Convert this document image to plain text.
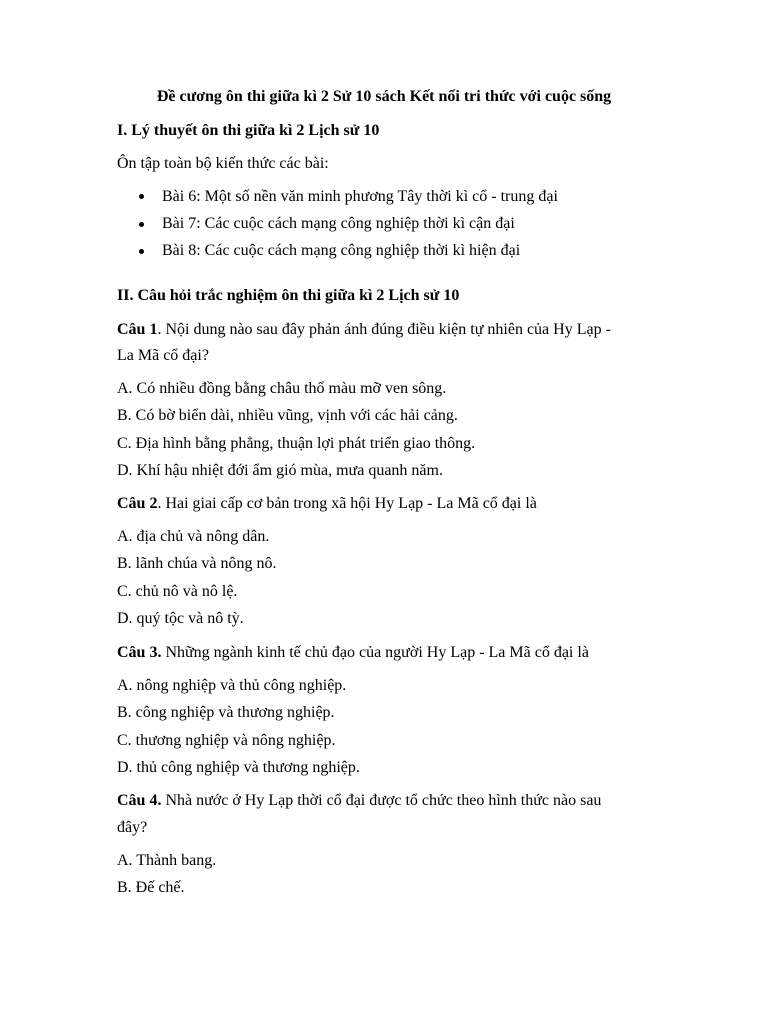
Đề cương ôn thi giữa kì 2 Sử 10 sách Kết nối tri thức với cuộc sống
I. Lý thuyết ôn thi giữa kì 2 Lịch sử 10
Ôn tập toàn bộ kiến thức các bài:
Bài 6: Một số nền văn minh phương Tây thời kì cổ - trung đại
Bài 7: Các cuộc cách mạng công nghiệp thời kì cận đại
Bài 8: Các cuộc cách mạng công nghiệp thời kì hiện đại
II. Câu hỏi trắc nghiệm ôn thi giữa kì 2 Lịch sử 10
Câu 1. Nội dung nào sau đây phản ánh đúng điều kiện tự nhiên của Hy Lạp -
La Mã cổ đại?
A. Có nhiều đồng bằng châu thổ màu mỡ ven sông.
B. Có bờ biển dài, nhiều vũng, vịnh với các hải cảng.
C. Địa hình bằng phẳng, thuận lợi phát triển giao thông.
D. Khí hậu nhiệt đới ẩm gió mùa, mưa quanh năm.
Câu 2. Hai giai cấp cơ bản trong xã hội Hy Lạp - La Mã cổ đại là
A. địa chủ và nông dân.
B. lãnh chúa và nông nô.
C. chủ nô và nô lệ.
D. quý tộc và nô tỳ.
Câu 3. Những ngành kinh tế chủ đạo của người Hy Lạp - La Mã cổ đại là
A. nông nghiệp và thủ công nghiệp.
B. công nghiệp và thương nghiệp.
C. thương nghiệp và nông nghiệp.
D. thủ công nghiệp và thương nghiệp.
Câu 4. Nhà nước ở Hy Lạp thời cổ đại được tổ chức theo hình thức nào sau
đây?
A. Thành bang.
B. Đế chế.
